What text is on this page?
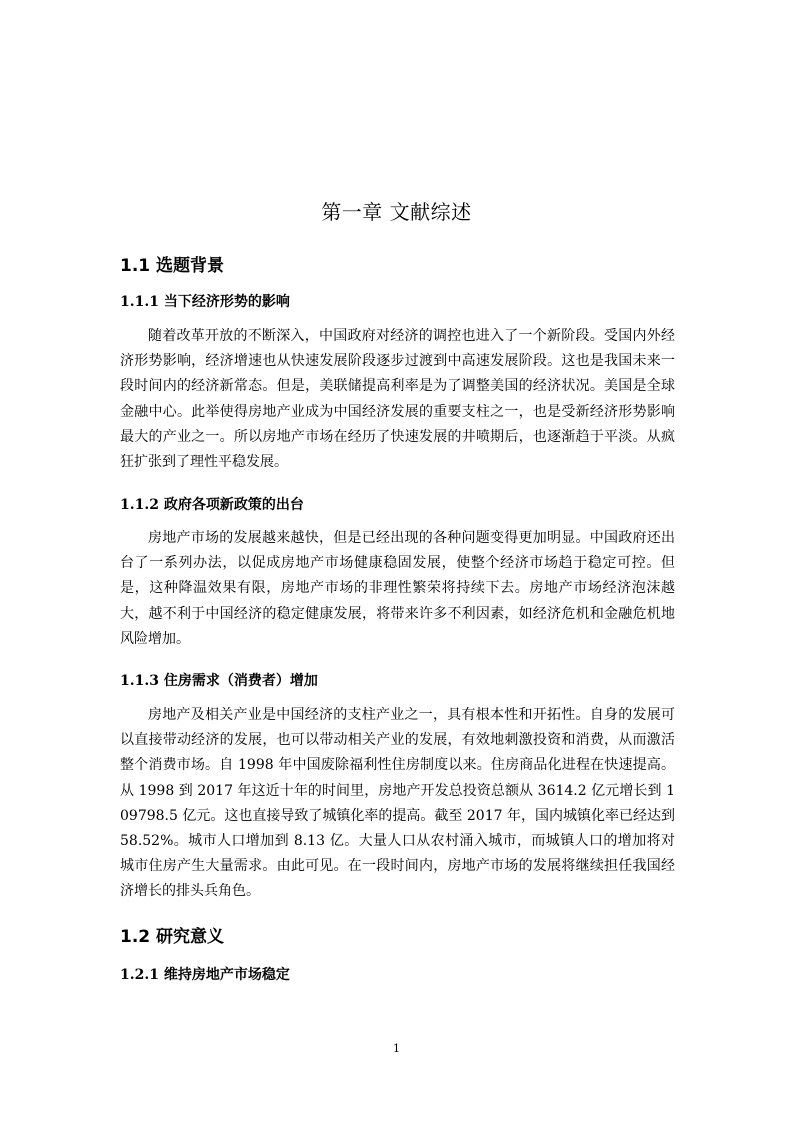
第一章 文献综述
1.1 选题背景
1.1.1 当下经济形势的影响
随着改革开放的不断深入，中国政府对经济的调控也进入了一个新阶段。受国内外经济形势影响，经济增速也从快速发展阶段逐步过渡到中高速发展阶段。这也是我国未来一段时间内的经济新常态。但是，美联储提高利率是为了调整美国的经济状况。美国是全球金融中心。此举使得房地产业成为中国经济发展的重要支柱之一，也是受新经济形势影响最大的产业之一。所以房地产市场在经历了快速发展的井喷期后，也逐渐趋于平淡。从疯狂扩张到了理性平稳发展。
1.1.2 政府各项新政策的出台
房地产市场的发展越来越快，但是已经出现的各种问题变得更加明显。中国政府还出台了一系列办法，以促成房地产市场健康稳固发展，使整个经济市场趋于稳定可控。但是，这种降温效果有限，房地产市场的非理性繁荣将持续下去。房地产市场经济泡沫越大，越不利于中国经济的稳定健康发展，将带来许多不利因素，如经济危机和金融危机地风险增加。
1.1.3 住房需求（消费者）增加
房地产及相关产业是中国经济的支柱产业之一，具有根本性和开拓性。自身的发展可以直接带动经济的发展，也可以带动相关产业的发展，有效地刺激投资和消费，从而激活整个消费市场。自 1998 年中国废除福利性住房制度以来。住房商品化进程在快速提高。从 1998 到 2017 年这近十年的时间里，房地产开发总投资总额从 3614.2 亿元增长到 109798.5 亿元。这也直接导致了城镇化率的提高。截至 2017 年，国内城镇化率已经达到 58.52%。城市人口增加到 8.13 亿。大量人口从农村涌入城市，而城镇人口的增加将对城市住房产生大量需求。由此可见。在一段时间内，房地产市场的发展将继续担任我国经济增长的排头兵角色。
1.2 研究意义
1.2.1 维持房地产市场稳定
1
